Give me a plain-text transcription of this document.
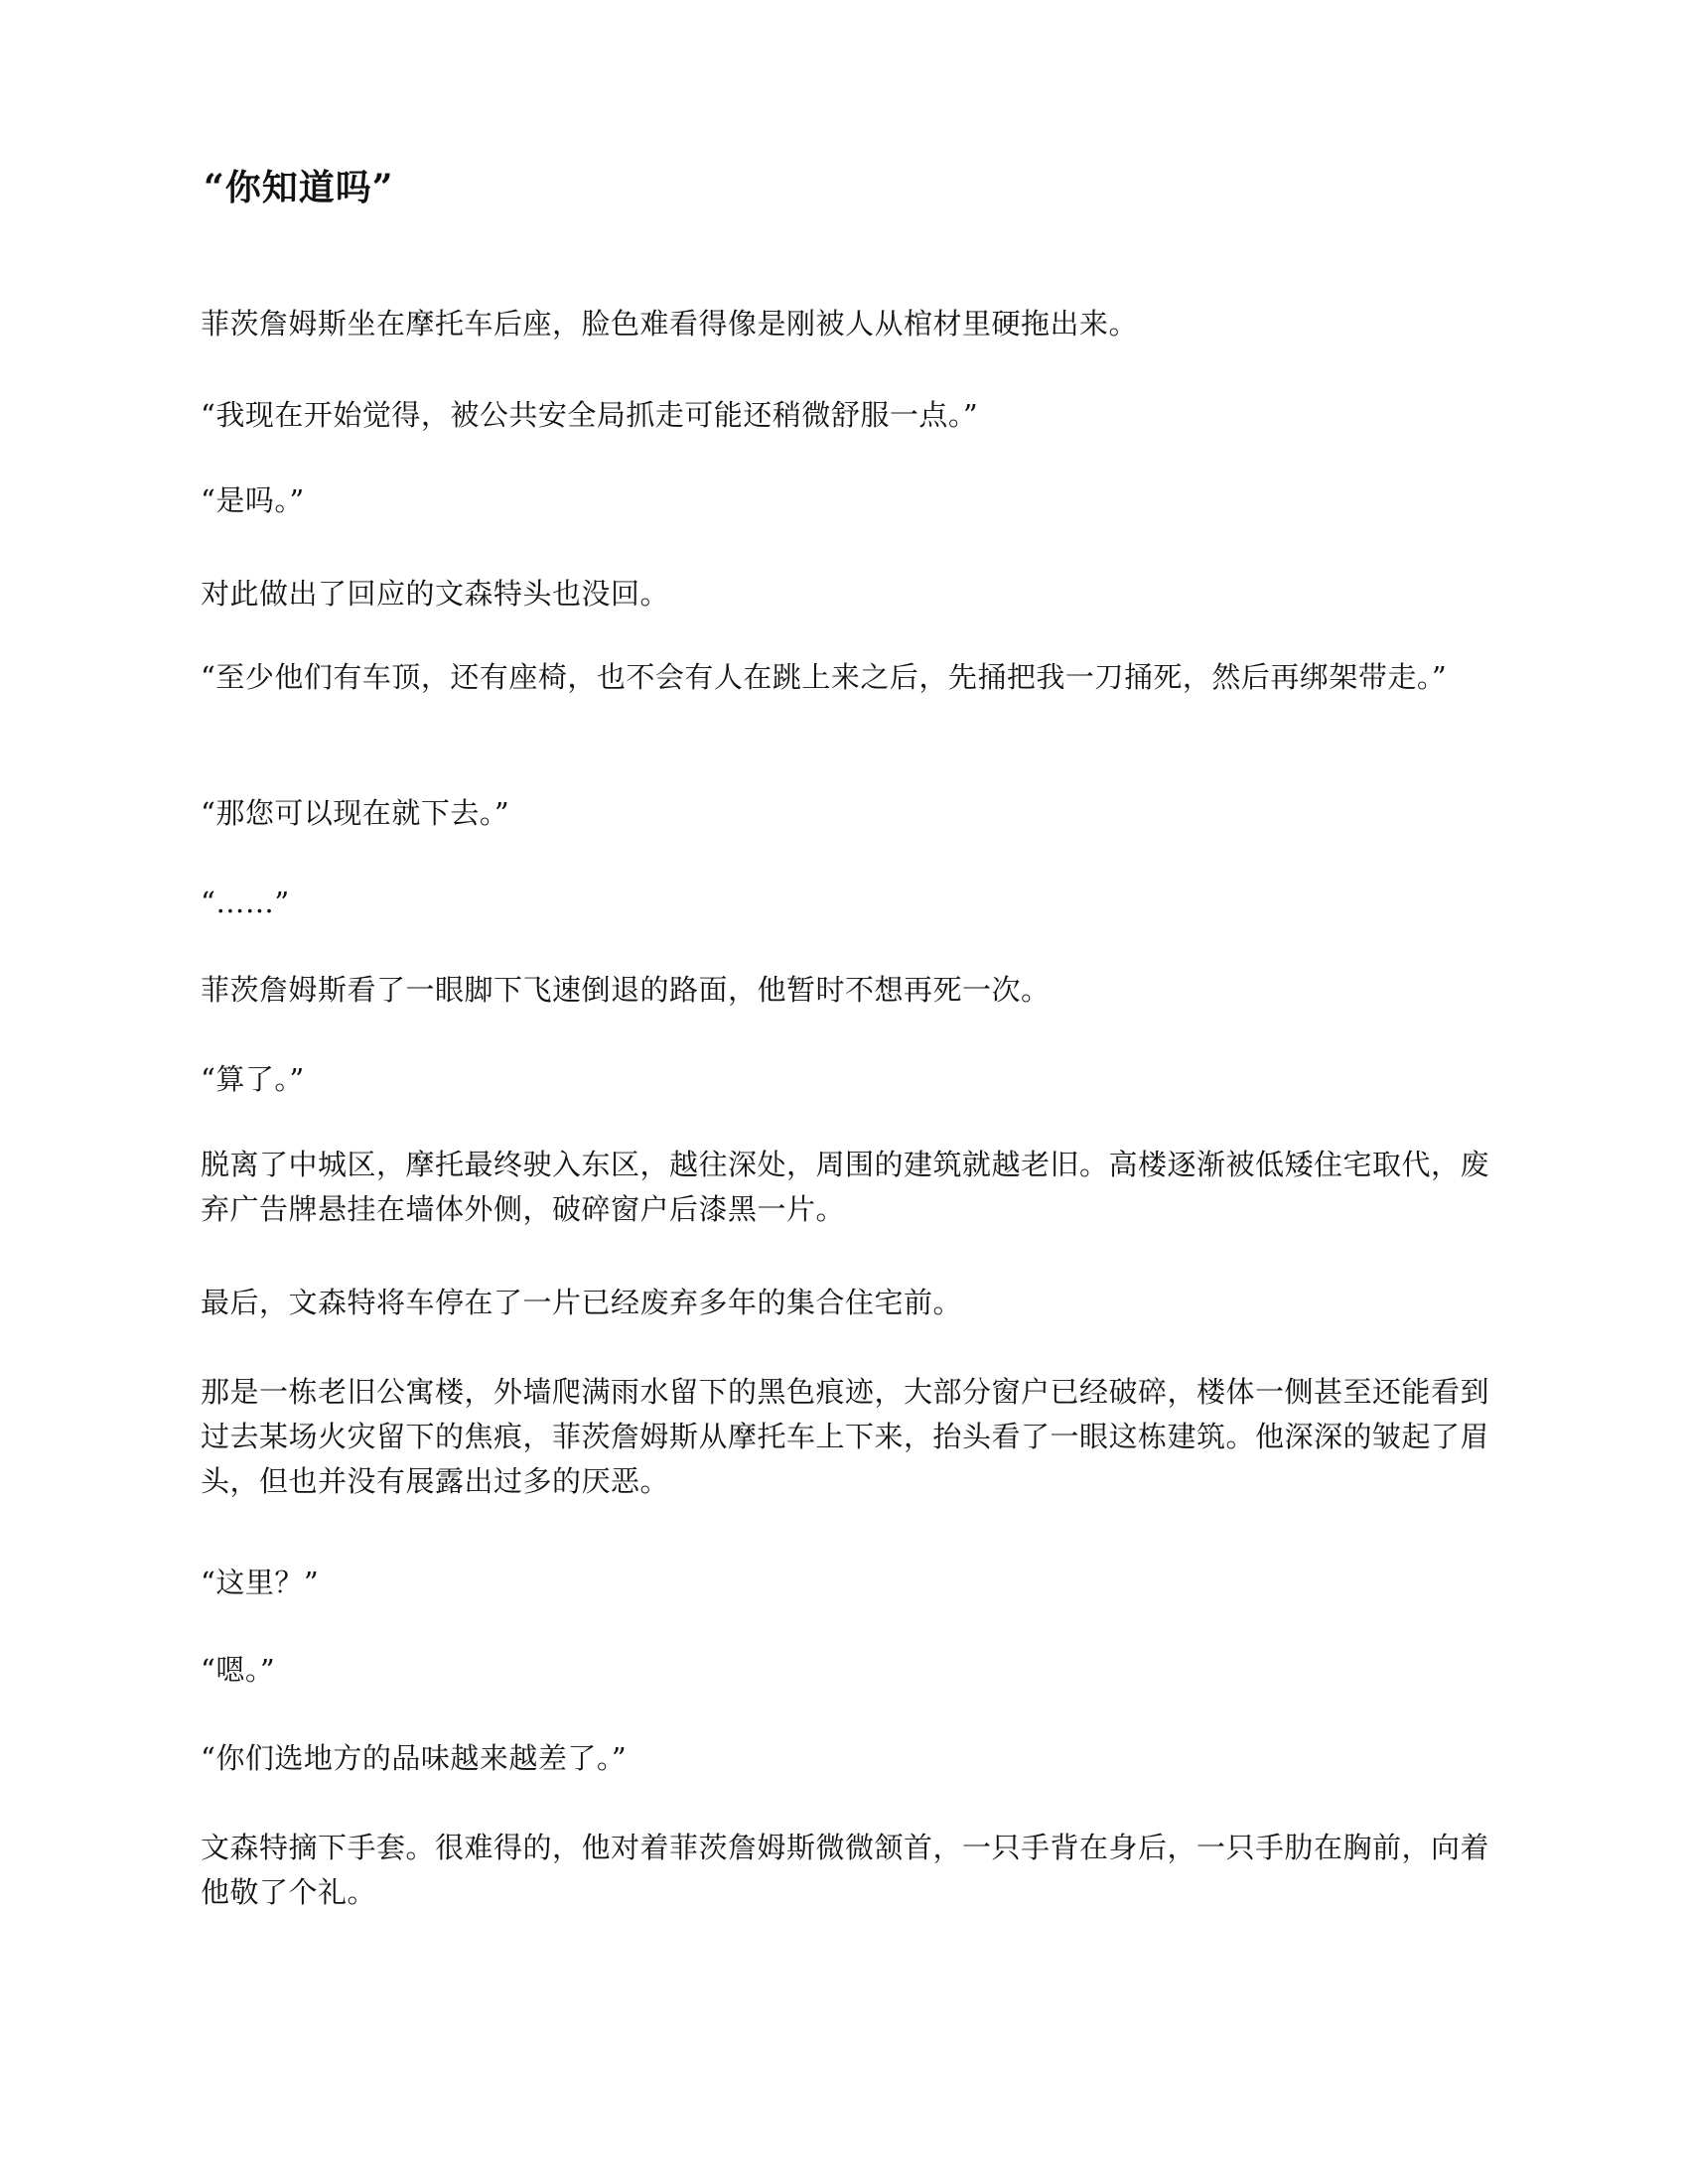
“你知道吗”

菲茨詹姆斯坐在摩托车后座，脸色难看得像是刚被人从棺材里硬拖出来。

“我现在开始觉得，被公共安全局抓走可能还稍微舒服一点。”

“是吗。”

对此做出了回应的文森特头也没回。

“至少他们有车顶，还有座椅，也不会有人在跳上来之后，先捅把我一刀捅死，然后再绑架带走。”

“那您可以现在就下去。”

“……”

菲茨詹姆斯看了一眼脚下飞速倒退的路面，他暂时不想再死一次。

“算了。”

脱离了中城区，摩托最终驶入东区，越往深处，周围的建筑就越老旧。高楼逐渐被低矮住宅取代，废弃广告牌悬挂在墙体外侧，破碎窗户后漆黑一片。

最后，文森特将车停在了一片已经废弃多年的集合住宅前。

那是一栋老旧公寓楼，外墙爬满雨水留下的黑色痕迹，大部分窗户已经破碎，楼体一侧甚至还能看到过去某场火灾留下的焦痕，菲茨詹姆斯从摩托车上下来，抬头看了一眼这栋建筑。他深深的皱起了眉头，但也并没有展露出过多的厌恶。

“这里？”

“嗯。”

“你们选地方的品味越来越差了。”

文森特摘下手套。很难得的，他对着菲茨詹姆斯微微颔首，一只手背在身后，一只手肋在胸前，向着他敬了个礼。
